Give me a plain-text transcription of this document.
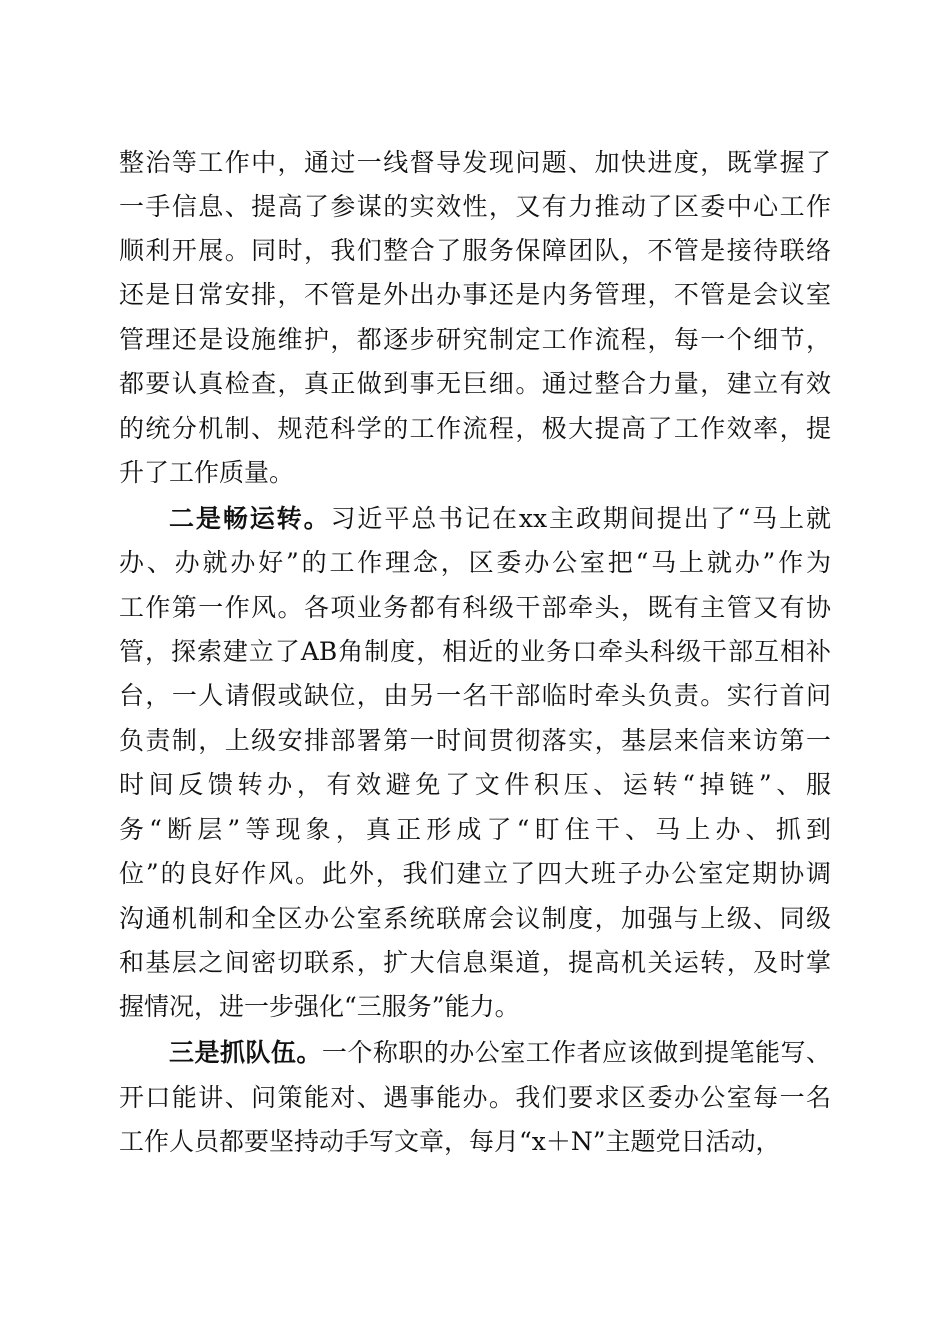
整治等工作中，通过一线督导发现问题、加快进度，既掌握了
一手信息、提高了参谋的实效性，又有力推动了区委中心工作
顺利开展。同时，我们整合了服务保障团队，不管是接待联络
还是日常安排，不管是外出办事还是内务管理，不管是会议室
管理还是设施维护，都逐步研究制定工作流程，每一个细节，
都要认真检查，真正做到事无巨细。通过整合力量，建立有效
的统分机制、规范科学的工作流程，极大提高了工作效率，提
升了工作质量。
二是畅运转。习近平总书记在xx主政期间提出了“马上就
办、办就办好”的工作理念，区委办公室把“马上就办”作为
工作第一作风。各项业务都有科级干部牵头，既有主管又有协
管，探索建立了AB角制度，相近的业务口牵头科级干部互相补
台，一人请假或缺位，由另一名干部临时牵头负责。实行首问
负责制，上级安排部署第一时间贯彻落实，基层来信来访第一
时间反馈转办，有效避免了文件积压、运转“掉链”、服
务“断层”等现象，真正形成了“盯住干、马上办、抓到
位”的良好作风。此外，我们建立了四大班子办公室定期协调
沟通机制和全区办公室系统联席会议制度，加强与上级、同级
和基层之间密切联系，扩大信息渠道，提高机关运转，及时掌
握情况，进一步强化“三服务”能力。
三是抓队伍。一个称职的办公室工作者应该做到提笔能写、
开口能讲、问策能对、遇事能办。我们要求区委办公室每一名
工作人员都要坚持动手写文章，每月“x＋N”主题党日活动，
